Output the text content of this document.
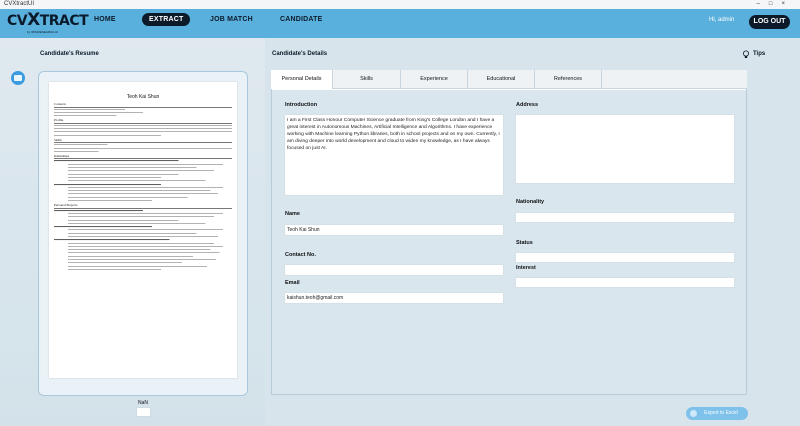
CVXtractUI	–□×
CVXTRACT
by IRIS/RESEARCH AI
HOME	EXTRACT	JOB MATCH	CANDIDATE	Hi, admin	LOG OUT
Candidate's Resume
Teoh Kai Shun
Contacts
Profile
Skills
Internships
Personal Projects
NaN
Candidate's Details	Tips
Personal Details	Skills	Experience	Educational	References
Introduction
I am a First Class Honour Computer Science graduate from King's College London and I have a great interest in Autonomous Machines, Artificial Intelligence and Algorithms. I have experience working with Machine learning Python libraries, both in school projects and on my own. Currently, I am diving deeper into world development and cloud to widen my knowledge, as I have always focused on just AI.
Name
Teoh Kai Shun
Contact No.
Email
kaishun.teoh@gmail.com
Address
Nationality
Status
Interest
Export to Excel
